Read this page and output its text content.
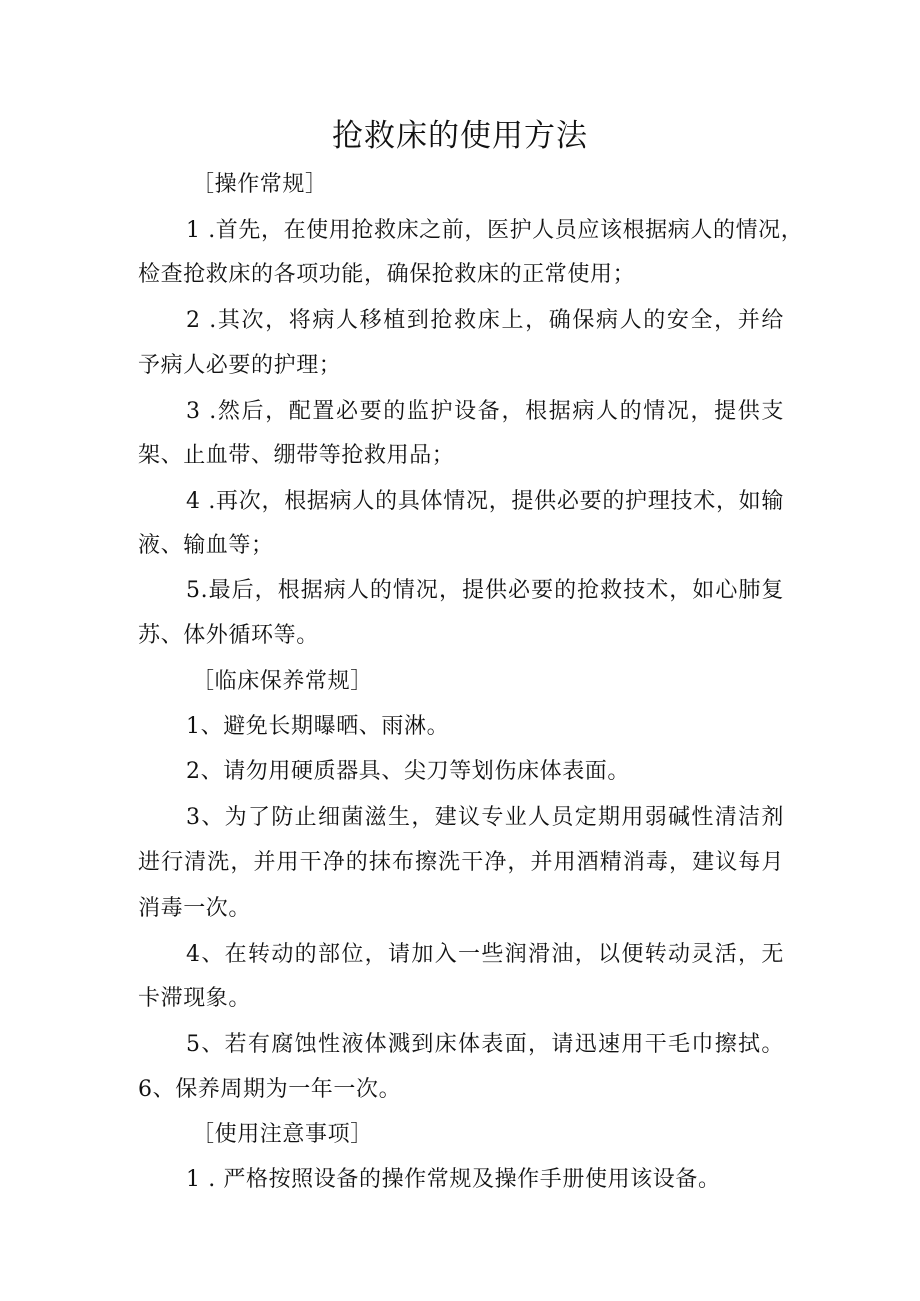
抢救床的使用方法
［操作常规］
1 .首先，在使用抢救床之前，医护人员应该根据病人的情况，
检查抢救床的各项功能，确保抢救床的正常使用；
2 .其次，将病人移植到抢救床上，确保病人的安全，并给
予病人必要的护理；
3 .然后，配置必要的监护设备，根据病人的情况，提供支
架、止血带、绷带等抢救用品；
4 .再次，根据病人的具体情况，提供必要的护理技术，如输
液、输血等；
5.最后，根据病人的情况，提供必要的抢救技术，如心肺复
苏、体外循环等。
［临床保养常规］
1、避免长期曝晒、雨淋。
2、请勿用硬质器具、尖刀等划伤床体表面。
3、为了防止细菌滋生，建议专业人员定期用弱碱性清洁剂
进行清洗，并用干净的抹布擦洗干净，并用酒精消毒，建议每月
消毒一次。
4、在转动的部位，请加入一些润滑油，以便转动灵活，无
卡滞现象。
5、若有腐蚀性液体溅到床体表面，请迅速用干毛巾擦拭。
6、保养周期为一年一次。
［使用注意事项］
1 . 严格按照设备的操作常规及操作手册使用该设备。
